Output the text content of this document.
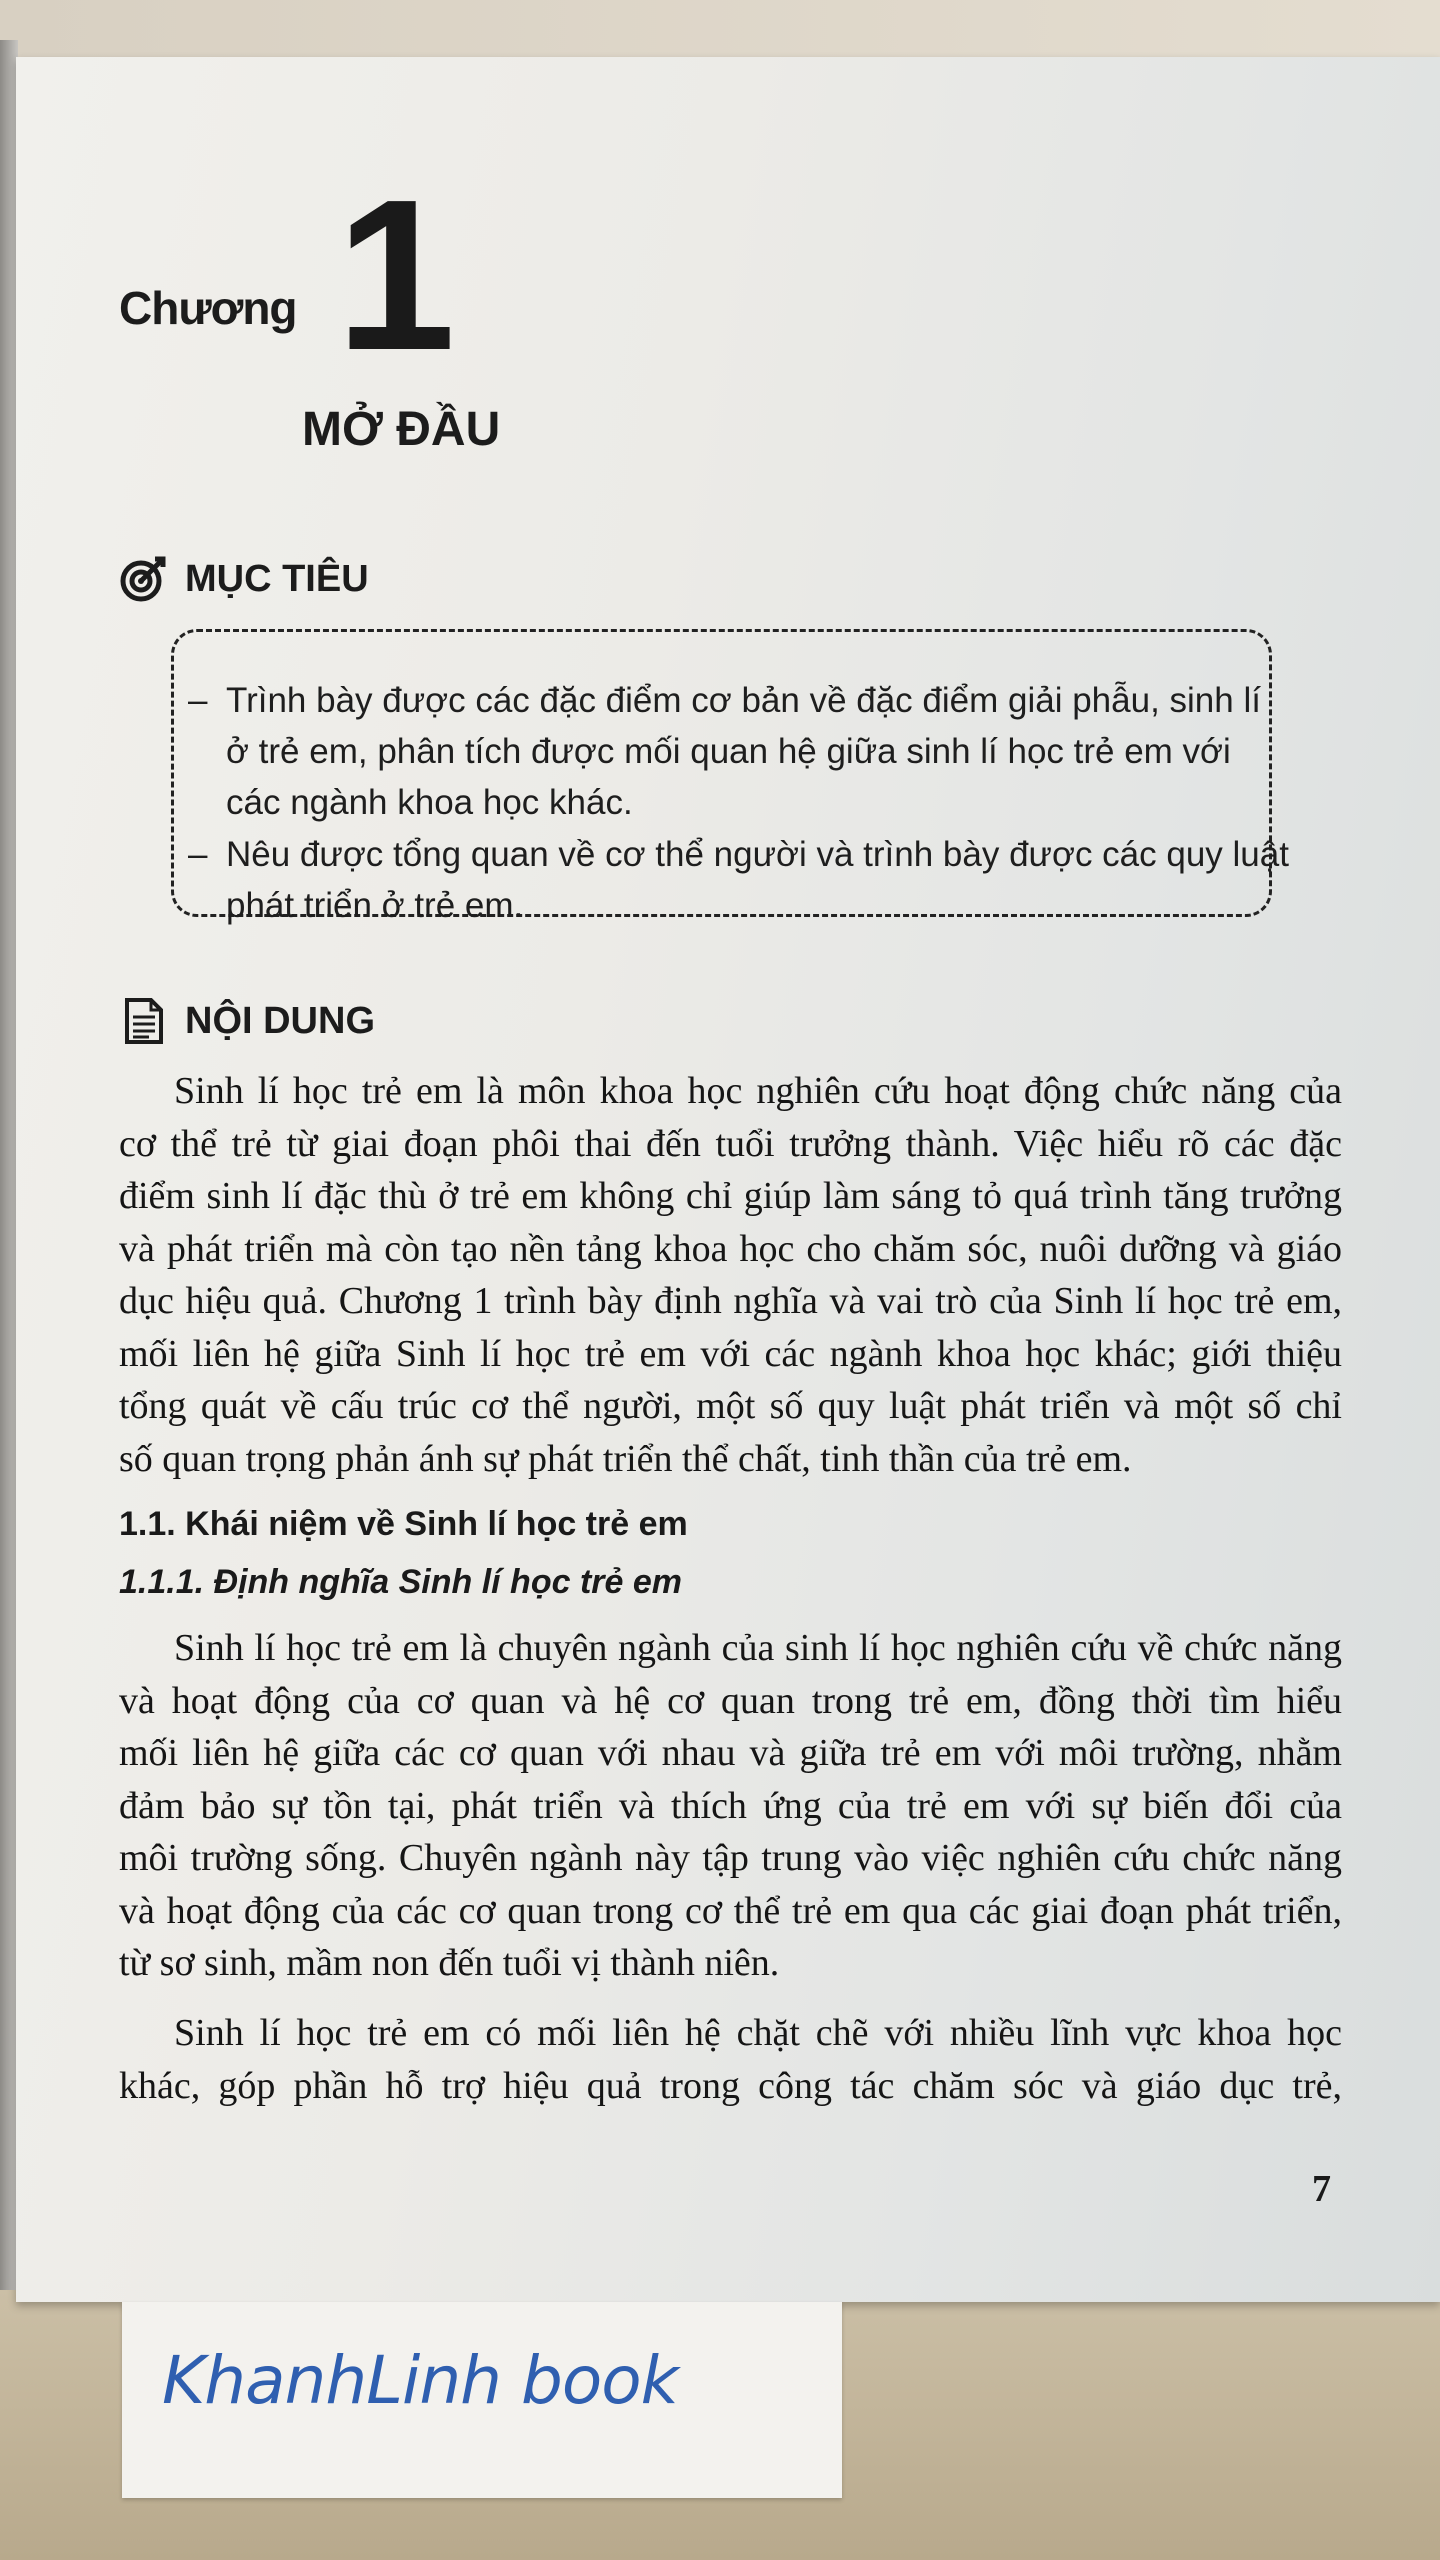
Chương 1
MỞ ĐẦU
MỤC TIÊU
– Trình bày được các đặc điểm cơ bản về đặc điểm giải phẫu, sinh lí
ở trẻ em, phân tích được mối quan hệ giữa sinh lí học trẻ em với
các ngành khoa học khác.
– Nêu được tổng quan về cơ thể người và trình bày được các quy luật
phát triển ở trẻ em.
NỘI DUNG
Sinh lí học trẻ em là môn khoa học nghiên cứu hoạt động chức năng của
cơ thể trẻ từ giai đoạn phôi thai đến tuổi trưởng thành. Việc hiểu rõ các đặc
điểm sinh lí đặc thù ở trẻ em không chỉ giúp làm sáng tỏ quá trình tăng trưởng
và phát triển mà còn tạo nền tảng khoa học cho chăm sóc, nuôi dưỡng và giáo
dục hiệu quả. Chương 1 trình bày định nghĩa và vai trò của Sinh lí học trẻ em,
mối liên hệ giữa Sinh lí học trẻ em với các ngành khoa học khác; giới thiệu
tổng quát về cấu trúc cơ thể người, một số quy luật phát triển và một số chỉ
số quan trọng phản ánh sự phát triển thể chất, tinh thần của trẻ em.
1.1. Khái niệm về Sinh lí học trẻ em
1.1.1. Định nghĩa Sinh lí học trẻ em
Sinh lí học trẻ em là chuyên ngành của sinh lí học nghiên cứu về chức năng
và hoạt động của cơ quan và hệ cơ quan trong trẻ em, đồng thời tìm hiểu
mối liên hệ giữa các cơ quan với nhau và giữa trẻ em với môi trường, nhằm
đảm bảo sự tồn tại, phát triển và thích ứng của trẻ em với sự biến đổi của
môi trường sống. Chuyên ngành này tập trung vào việc nghiên cứu chức năng
và hoạt động của các cơ quan trong cơ thể trẻ em qua các giai đoạn phát triển,
từ sơ sinh, mầm non đến tuổi vị thành niên.
Sinh lí học trẻ em có mối liên hệ chặt chẽ với nhiều lĩnh vực khoa học
khác, góp phần hỗ trợ hiệu quả trong công tác chăm sóc và giáo dục trẻ,
7
KhanhLinh book
